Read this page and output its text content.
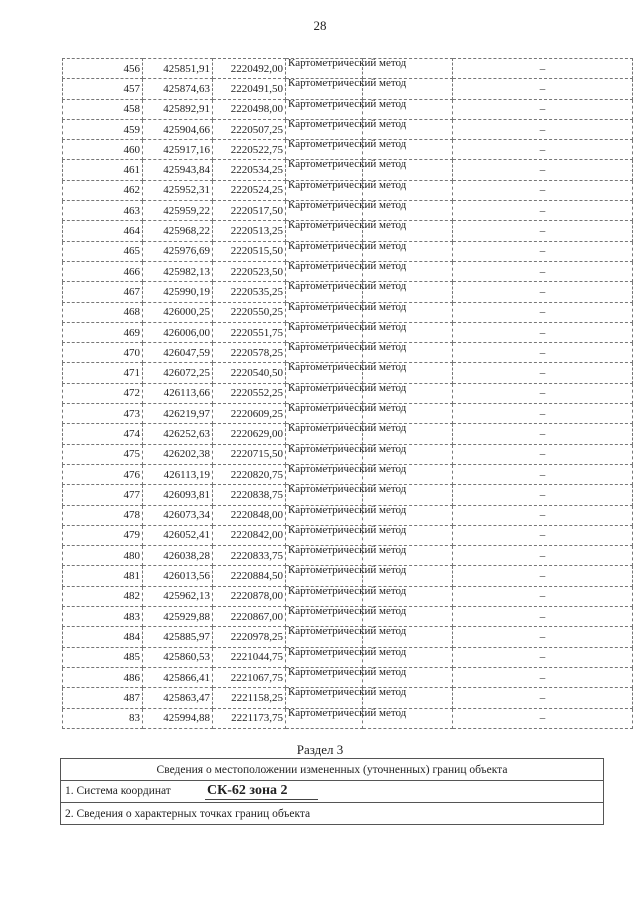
28
456	425851,91	2220492,00	Картометрический метод		–
457	425874,63	2220491,50	Картометрический метод		–
458	425892,91	2220498,00	Картометрический метод		–
459	425904,66	2220507,25	Картометрический метод		–
460	425917,16	2220522,75	Картометрический метод		–
461	425943,84	2220534,25	Картометрический метод		–
462	425952,31	2220524,25	Картометрический метод		–
463	425959,22	2220517,50	Картометрический метод		–
464	425968,22	2220513,25	Картометрический метод		–
465	425976,69	2220515,50	Картометрический метод		–
466	425982,13	2220523,50	Картометрический метод		–
467	425990,19	2220535,25	Картометрический метод		–
468	426000,25	2220550,25	Картометрический метод		–
469	426006,00	2220551,75	Картометрический метод		–
470	426047,59	2220578,25	Картометрический метод		–
471	426072,25	2220540,50	Картометрический метод		–
472	426113,66	2220552,25	Картометрический метод		–
473	426219,97	2220609,25	Картометрический метод		–
474	426252,63	2220629,00	Картометрический метод		–
475	426202,38	2220715,50	Картометрический метод		–
476	426113,19	2220820,75	Картометрический метод		–
477	426093,81	2220838,75	Картометрический метод		–
478	426073,34	2220848,00	Картометрический метод		–
479	426052,41	2220842,00	Картометрический метод		–
480	426038,28	2220833,75	Картометрический метод		–
481	426013,56	2220884,50	Картометрический метод		–
482	425962,13	2220878,00	Картометрический метод		–
483	425929,88	2220867,00	Картометрический метод		–
484	425885,97	2220978,25	Картометрический метод		–
485	425860,53	2221044,75	Картометрический метод		–
486	425866,41	2221067,75	Картометрический метод		–
487	425863,47	2221158,25	Картометрический метод		–
83	425994,88	2221173,75	Картометрический метод		–
Раздел 3
Сведения о местоположении измененных (уточненных) границ объекта
1. Система координат	СК-62 зона 2
2. Сведения о характерных точках границ объекта
